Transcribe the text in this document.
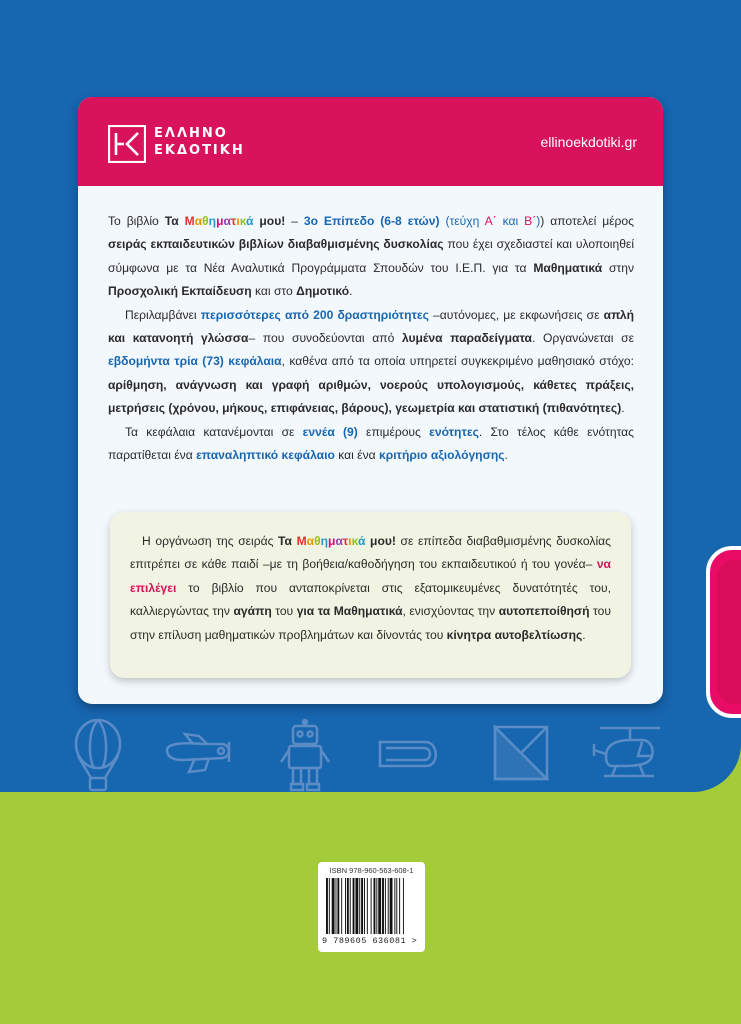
ΕΛΛΗΝΟ
ΕΚΔΟΤΙΚΗ
ellinoekdotiki.gr

Το βιβλίο Τα Μαθηματικά μου! – 3ο Επίπεδο (6-8 ετών) (τεύχη Α΄ και Β΄)) αποτελεί μέρος σειράς εκπαιδευτικών βιβλίων διαβαθμισμένης δυσκολίας που έχει σχεδιαστεί και υλοποιηθεί σύμφωνα με τα Νέα Αναλυτικά Προγράμματα Σπουδών του Ι.Ε.Π. για τα Μαθηματικά στην Προσχολική Εκπαίδευση και στο Δημοτικό.

Περιλαμβάνει περισσότερες από 200 δραστηριότητες –αυτόνομες, με εκφωνήσεις σε απλή και κατανοητή γλώσσα– που συνοδεύονται από λυμένα παραδείγματα. Οργανώνεται σε εβδομήντα τρία (73) κεφάλαια, καθένα από τα οποία υπηρετεί συγκεκριμένο μαθησιακό στόχο: αρίθμηση, ανάγνωση και γραφή αριθμών, νοερούς υπολογισμούς, κάθετες πράξεις, μετρήσεις (χρόνου, μήκους, επιφάνειας, βάρους), γεωμετρία και στατιστική (πιθανότητες).

Τα κεφάλαια κατανέμονται σε εννέα (9) επιμέρους ενότητες. Στο τέλος κάθε ενότητας παρατίθεται ένα επαναληπτικό κεφάλαιο και ένα κριτήριο αξιολόγησης.

Η οργάνωση της σειράς Τα Μαθηματικά μου! σε επίπεδα διαβαθμισμένης δυσκολίας επιτρέπει σε κάθε παιδί –με τη βοήθεια/καθοδήγηση του εκπαιδευτικού ή του γονέα– να επιλέγει το βιβλίο που ανταποκρίνεται στις εξατομικευμένες δυνατότητές του, καλλιεργώντας την αγάπη του για τα Μαθηματικά, ενισχύοντας την αυτοπεποίθησή του στην επίλυση μαθηματικών προβλημάτων και δίνοντάς του κίνητρα αυτοβελτίωσης.

ISBN 978-960-563-608-1
9 789605 636081 >
